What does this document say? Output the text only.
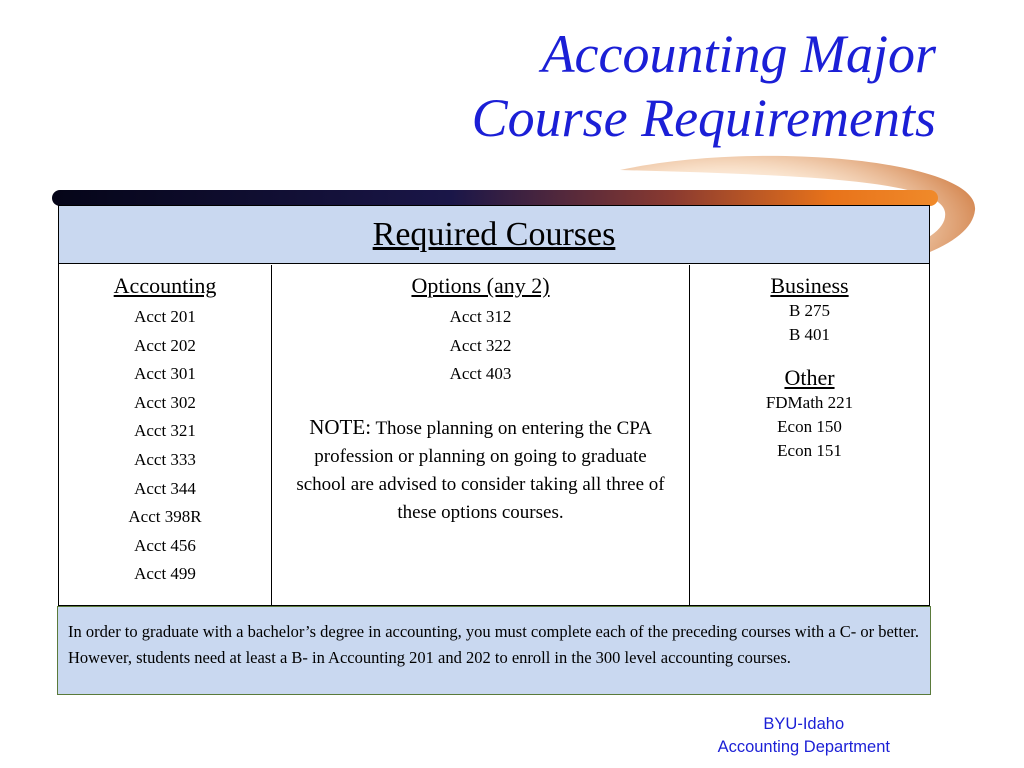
Accounting Major
Course Requirements
Required Courses
Accounting
Acct 201
Acct 202
Acct 301
Acct 302
Acct 321
Acct 333
Acct 344
Acct 398R
Acct 456
Acct 499
Options (any 2)
Acct 312
Acct 322
Acct 403

NOTE: Those planning on entering the CPA profession or planning on going to graduate school are advised to consider taking all three of these options courses.

Business
B 275
B 401
Other
FDMath 221
Econ 150
Econ 151
In order to graduate with a bachelor’s degree in accounting, you must complete each of the preceding courses with a C- or better. However, students need at least a B- in Accounting 201 and 202 to enroll in the 300 level accounting courses.
BYU-Idaho
Accounting Department
